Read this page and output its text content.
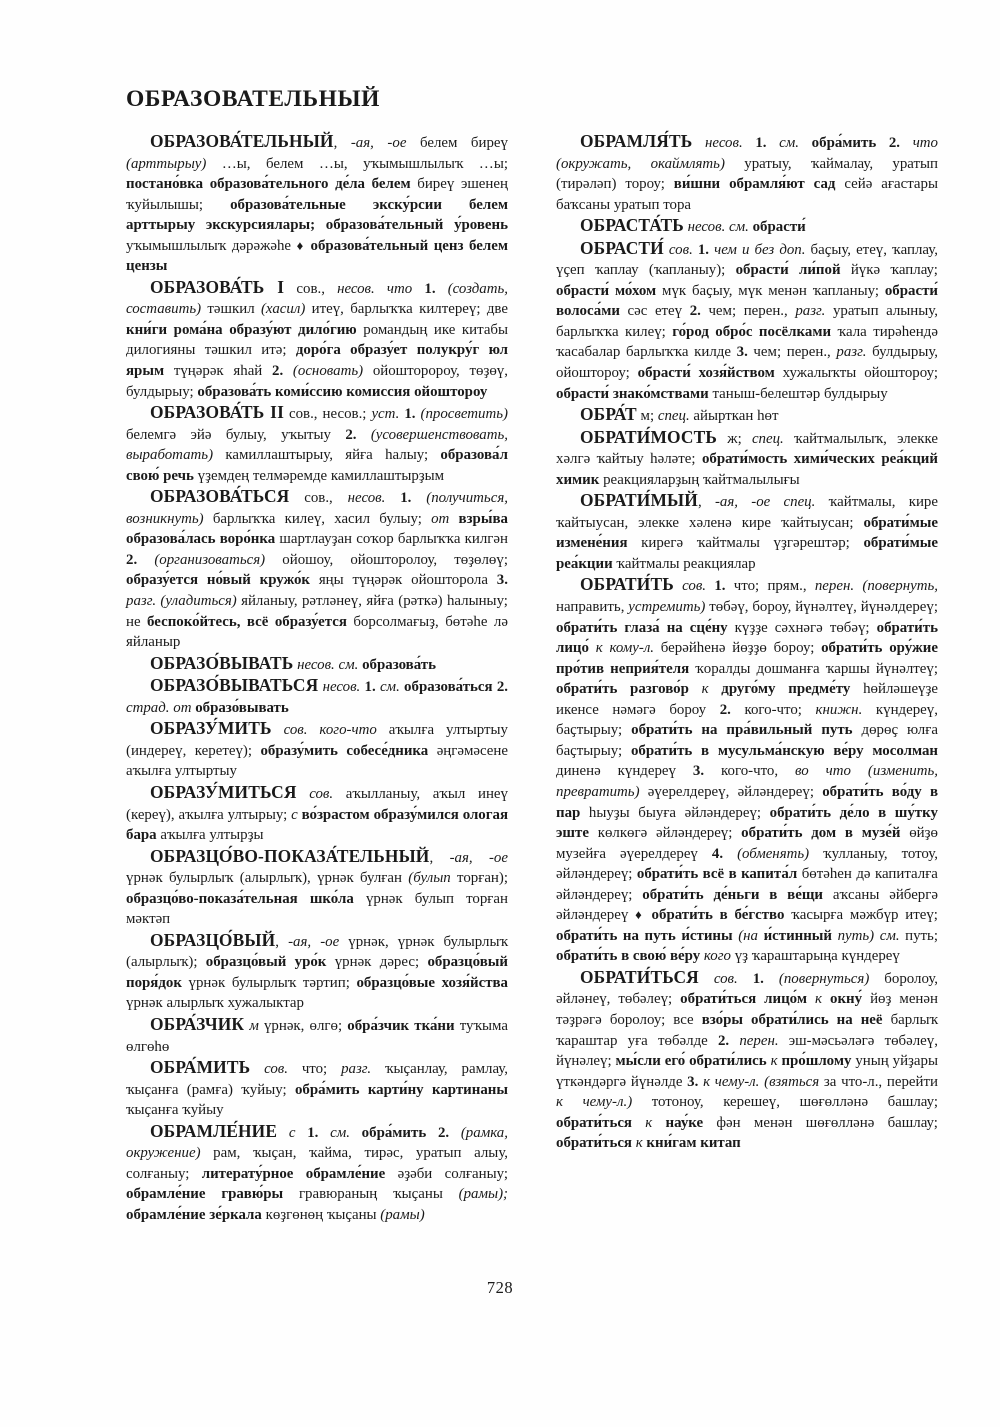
ОБРАЗОВАТЕЛЬНЫЙ

ОБРАЗОВА́ТЕЛЬНЫЙ, -ая, -ое белем биреү (арттырыу) …ы, белем …ы, уҡымышлылыҡ …ы; постано́вка образова́тельного де́ла белем биреү эшенең ҡуйылышы; образова́тельные экску́рсии белем арттырыу экскурсиялары; образова́тельный у́ровень уҡымышлылыҡ дәрәжәһе ♦ образова́тельный ценз белем цензы

ОБРАЗОВА́ТЬ I сов., несов. что 1. (создать, составить) тәшкил (хасил) итеү, барлыҡҡа килтереү; две кни́ги рома́на образу́ют дило́гию романдың ике китабы дилогияны тәшкил итә; доро́га образу́ет полукру́г юл ярым түңәрәк яһай 2. (основать) ойошторороу, төҙөү, булдырыу; образова́ть коми́ссию комиссия ойоштороу

ОБРАЗОВА́ТЬ II сов., несов.; уст. 1. (просветить) белемгә эйә булыу, уҡытыу 2. (усовершенствовать, выработать) камиллаштырыу, яйға һалыу; образова́л свою́ речь үҙемдең телмәремде камиллаштырҙым

ОБРАЗОВА́ТЬСЯ сов., несов. 1. (получиться, возникнуть) барлыҡҡа килеү, хасил булыу; от взры́ва образова́лась воро́нка шартлауҙан соҡор барлыҡҡа килгән 2. (организоваться) ойошоу, ойошторолоу, төҙөлөү; образу́ется но́вый кружо́к яңы түңәрәк ойошторола 3. разг. (уладиться) яйланыу, рәтләнеү, яйға (рәткә) һалыныу; не беспоко́йтесь, всё образу́ется борсолмағыҙ, бөтәһе лә яйланыр

ОБРАЗО́ВЫВАТЬ несов. см. образова́ть

ОБРАЗО́ВЫВАТЬСЯ несов. 1. см. образова́ться 2. страд. от образо́вывать

ОБРАЗУ́МИТЬ сов. кого-что аҡылға ултыртыу (индереү, керетеү); образу́мить собесе́дника әңгәмәсене аҡылға ултыртыу

ОБРАЗУ́МИТЬСЯ сов. аҡылланыу, аҡыл инеү (кереү), аҡылға ултырыу; с во́зрастом образу́мился ологая бара аҡылға ултырҙы

ОБРАЗЦО́ВО-ПОКАЗА́ТЕЛЬНЫЙ, -ая, -ое үрнәк булырлыҡ (алырлыҡ), үрнәк булған (булып торған); образцо́во-показа́тельная шко́ла үрнәк булып торған мәктәп

ОБРАЗЦО́ВЫЙ, -ая, -ое үрнәк, үрнәк булырлыҡ (алырлыҡ); образцо́вый уро́к үрнәк дәрес; образцо́вый поря́док үрнәк булырлыҡ тәртип; образцо́вые хозя́йства үрнәк алырлыҡ хужалыктар

ОБРА́ЗЧИК м үрнәк, өлгө; обра́зчик тка́ни туҡыма өлгөһө

ОБРА́МИТЬ сов. что; разг. ҡыҫанлау, рамлау, ҡыҫанға (рамға) ҡуйыу; обра́мить карти́ну картинаны ҡыҫанға ҡуйыу

ОБРАМЛЕ́НИЕ с 1. см. обра́мить 2. (рамка, окружение) рам, ҡыҫан, ҡайма, тирәс, уратып алыу, солғаныу; литерату́рное обрамле́ние әҙәби солғаныу; обрамле́ние гравю́ры гравюраның ҡыҫаны (рамы); обрамле́ние зе́ркала көҙгөнөң ҡыҫаны (рамы)

ОБРАМЛЯ́ТЬ несов. 1. см. обра́мить 2. что (окружать, окаймлять) уратыу, ҡаймалау, уратып (тирәләп) тороу; ви́шни обрамля́ют сад сейә ағастары баҡсаны уратып тора

ОБРАСТА́ТЬ несов. см. обрасти́

ОБРАСТИ́ сов. 1. чем и без доп. баҫыу, етеү, ҡаплау, үҫеп ҡаплау (ҡапланыу); обрасти́ ли́пой йүкә ҡаплау; обрасти́ мо́хом мүк баҫыу, мүк менән ҡапланыу; обрасти́ волоса́ми сәс етеү 2. чем; перен., разг. уратып алыныу, барлыҡҡа килеү; го́род обро́с посёлками ҡала тирәһендә ҡасабалар барлыҡҡа килде 3. чем; перен., разг. булдырыу, ойоштороу; обрасти́ хозя́йством хужалыҡты ойоштороу; обрасти́ знако́мствами таныш-белештәр булдырыу

ОБРА́Т м; спец. айырткан һөт

ОБРАТИ́МОСТЬ ж; спец. ҡайтмалылыҡ, элекке хәлгә ҡайтыу һәләте; обрати́мость хими́ческих реа́кций химик реакцияларҙың ҡайтмалылығы

ОБРАТИ́МЫЙ, -ая, -ое спец. ҡайтмалы, кире ҡайтыусан, элекке хәленә кире ҡайтыусан; обрати́мые измене́ния кирегә ҡайтмалы үҙгәрештәр; обрати́мые реа́кции ҡайтмалы реакциялар

ОБРАТИ́ТЬ сов. 1. что; прям., перен. (повернуть, направить, устремить) төбәү, бороу, йүнәлтеү, йүнәлдереү; обрати́ть глаза́ на сце́ну күҙҙе сәхнәгә төбәү; обрати́ть лицо́ к кому-л. берәйһенә йөҙҙө бороу; обрати́ть ору́жие про́тив неприя́теля ҡоралды дошманға ҡаршы йүнәлтеү; обрати́ть разгово́р к друго́му предме́ту һөйләшеүҙе икенсе нәмәгә бороу 2. кого-что; книжн. күндереү, баҫтырыу; обрати́ть на пра́вильный путь дөрөҫ юлға баҫтырыу; обрати́ть в мусульма́нскую ве́ру мосолман диненә күндереү 3. кого-что, во что (изменить, превратить) әүерелдереү, әйләндереү; обрати́ть во́ду в пар һыуҙы быуға әйләндереү; обрати́ть де́ло в шу́тку эште көлкөгә әйләндереү; обрати́ть дом в музе́й өйҙө музейға әүерелдереү 4. (обменять) ҡулланыу, тотоу, әйләндереү; обрати́ть всё в капита́л бөтәһен дә капиталға әйләндереү; обрати́ть де́ньги в ве́щи аҡсаны әйбергә әйләндереү ♦ обрати́ть в бе́гство ҡасырға мәжбүр итеү; обрати́ть на путь и́стины (на и́стинный путь) см. путь; обрати́ть в свою́ ве́ру кого үҙ ҡараштарыңа күндереү

ОБРАТИ́ТЬСЯ сов. 1. (повернуться) боролоу, әйләнеү, төбәлеү; обрати́ться лицо́м к окну́ йөҙ менән тәҙрәгә боролоу; все взо́ры обрати́лись на неё барлыҡ ҡараштар уға төбәлде 2. перен. эш-мәсьәләгә төбәлеү, йүнәлеү; мы́сли его́ обрати́лись к про́шлому уның уйҙары үткәндәргә йүнәлде 3. к чему-л. (взяться за что-л., перейти к чему-л.) тотоноу, керешеү, шөғөлләнә башлау; обрати́ться к нау́ке фән менән шөғөлләнә башлау; обрати́ться к кни́гам китап

728
